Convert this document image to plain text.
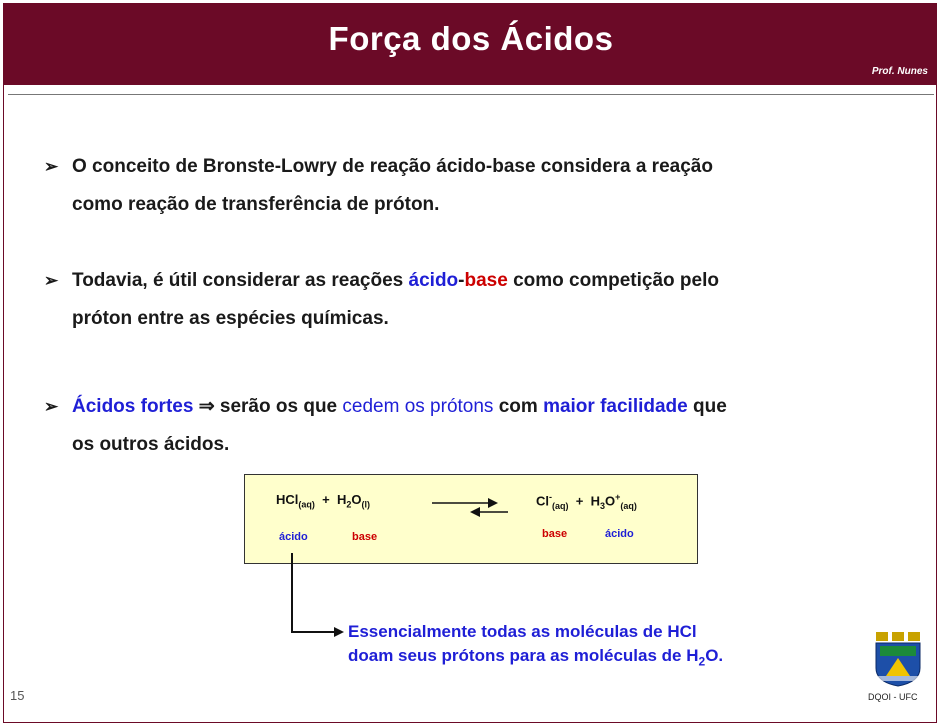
Força dos Ácidos
Prof. Nunes
➢ O conceito de Bronste-Lowry de reação ácido-base considera a reação
como reação de transferência de próton.
➢ Todavia, é útil considerar as reações ácido-base como competição pelo
próton entre as espécies químicas.
➢ Ácidos fortes ⇒ serão os que cedem os prótons com maior facilidade que
os outros ácidos.
$HCl_{(aq)} + H_2O_{(l)}$	$Cl^-_{(aq)} + H_3O^+_{(aq)}$
ácido	base	base	ácido
Essencialmente todas as moléculas de HCl
doam seus prótons para as moléculas de $H_2O$.
15	DQOI - UFC
